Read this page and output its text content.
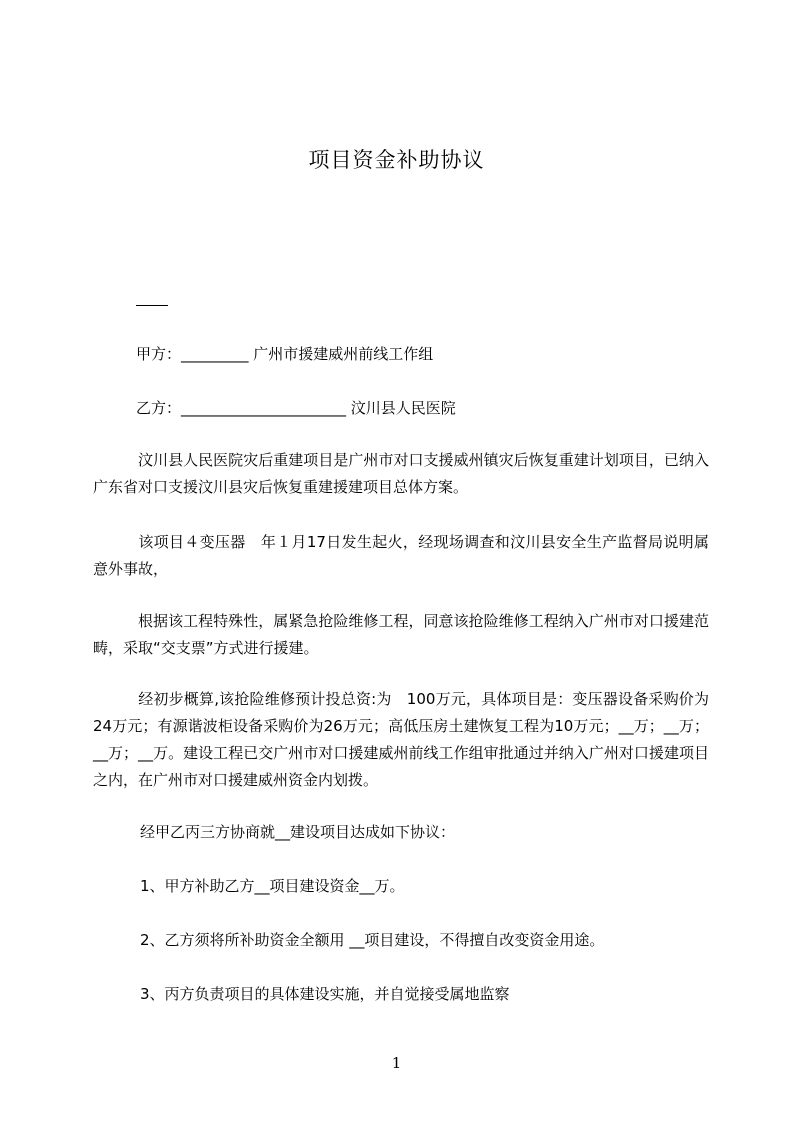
项目资金补助协议

甲方：_________ 广州市援建威州前线工作组

乙方：______________________ 汶川县人民医院

汶川县人民医院灾后重建项目是广州市对口支援威州镇灾后恢复重建计划项目，已纳入广东省对口支援汶川县灾后恢复重建援建项目总体方案。

该项目４变压器　年１月17日发生起火，经现场调查和汶川县安全生产监督局说明属意外事故，

根据该工程特殊性，属紧急抢险维修工程，同意该抢险维修工程纳入广州市对口援建范畴，采取“交支票”方式进行援建。

经初步概算,该抢险维修预计投总资:为　100万元，具体项目是：变压器设备采购价为24万元；有源谐波柜设备采购价为26万元；高低压房土建恢复工程为10万元；__万；__万；__万；__万。建设工程已交广州市对口援建威州前线工作组审批通过并纳入广州对口援建项目之内，在广州市对口援建威州资金内划拨。

经甲乙丙三方协商就__建设项目达成如下协议：

1、甲方补助乙方__项目建设资金__万。

2、乙方须将所补助资金全额用 __项目建设，不得擅自改变资金用途。

3、丙方负责项目的具体建设实施，并自觉接受属地监察

1
